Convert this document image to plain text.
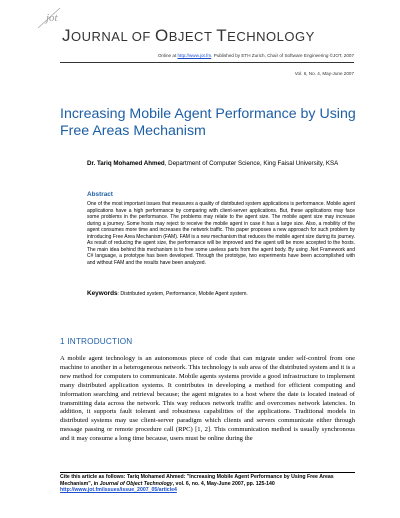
jot
JOURNAL OF OBJECT TECHNOLOGY
Online at http://www.jot.fm. Published by ETH Zurich, Chair of Software Engineering ©JOT, 2007
Vol. 6, No. 4, May-June 2007
Increasing Mobile Agent Performance by Using Free Areas Mechanism
Dr. Tariq Mohamed Ahmed, Department of Computer Science, King Faisal University, KSA
Abstract
One of the most important issues that measures a quality of distributed system applications is performance. Mobile agent applications have a high performance by comparing with client-server applications. But, these applications may face some problems in the performance. The problems may relate to the agent size. The mobile agent size may increase during a journey. Some hosts may reject to receive the mobile agent in case it has a large size. Also, a mobility of the agent consumes more time and increases the network traffic. This paper proposes a new approach for such problem by introducing Free Area Mechanism (FAM). FAM is a new mechanism that reduces the mobile agent size during its journey. As result of reducing the agent size, the performance will be improved and the agent will be more accepted to the hosts. The main idea behind this mechanism is to free some useless parts from the agent body. By using .Net Framework and C# language, a prototype has been developed. Through the prototype, two experiments have been accomplished with and without FAM and the results have been analyzed.
Keywords: Distributed system, Performance, Mobile Agent system.
1 INTRODUCTION
A mobile agent technology is an autonomous piece of code that can migrate under self-control from one machine to another in a heterogeneous network. This technology is sub area of the distributed system and it is a new method for computers to communicate. Mobile agents systems provide a good infrastructure to implement many distributed application systems. It contributes in developing a method for efficient computing and information searching and retrieval because; the agent migrates to a host where the date is located instead of transmitting data across the network. This way reduces network traffic and overcomes network latencies. In addition, it supports fault tolerant and robustness capabilities of the applications. Traditional models in distributed systems may use client-server paradigm which clients and servers communicate either through message passing or remote procedure call (RPC) [1, 2]. This communication method is usually synchronous and it may consume a long time because, users must be online during the
Cite this article as follows: Tariq Mohamed Ahmed: "Increasing Mobile Agent Performance by Using Free Areas Mechanism", in Journal of Object Technology, vol. 6, no. 4, May-June 2007, pp. 125-140 http://www.jot.fm/issues/issue_2007_05/article4
